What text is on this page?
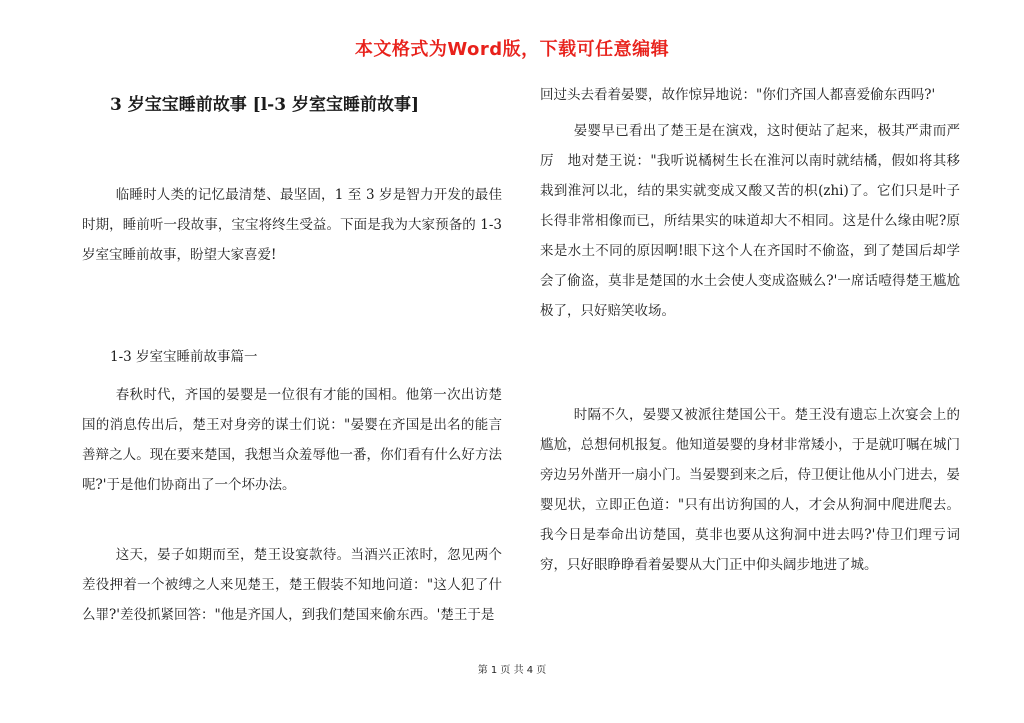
本文格式为Word版，下载可任意编辑
3 岁宝宝睡前故事 [l-3 岁室宝睡前故事]

临睡时人类的记忆最清楚、最坚固，1 至 3 岁是智力开发的最佳时期，睡前听一段故事，宝宝将终生受益。下面是我为大家预备的 1-3 岁室宝睡前故事，盼望大家喜爱!

1-3 岁室宝睡前故事篇一

春秋时代，齐国的晏婴是一位很有才能的国相。他第一次出访楚国的消息传出后，楚王对身旁的谋士们说："晏婴在齐国是出名的能言善辩之人。现在要来楚国，我想当众羞辱他一番，你们看有什么好方法呢?'于是他们协商出了一个坏办法。

这天，晏子如期而至，楚王设宴款待。当酒兴正浓时，忽见两个差役押着一个被缚之人来见楚王，楚王假装不知地问道："这人犯了什么罪?'差役抓紧回答："他是齐国人，到我们楚国来偷东西。'楚王于是

回过头去看着晏婴，故作惊异地说："你们齐国人都喜爱偷东西吗?'

晏婴早已看出了楚王是在演戏，这时便站了起来，极其严肃而严厉　地对楚王说："我听说橘树生长在淮河以南时就结橘，假如将其移栽到淮河以北，结的果实就变成又酸又苦的枳(zhi)了。它们只是叶子长得非常相像而已，所结果实的味道却大不相同。这是什么缘由呢?原来是水土不同的原因啊!眼下这个人在齐国时不偷盗，到了楚国后却学会了偷盗，莫非是楚国的水土会使人变成盗贼么?'一席话噎得楚王尴尬极了，只好赔笑收场。

时隔不久，晏婴又被派往楚国公干。楚王没有遗忘上次宴会上的尴尬，总想伺机报复。他知道晏婴的身材非常矮小，于是就叮嘱在城门旁边另外凿开一扇小门。当晏婴到来之后，侍卫便让他从小门进去，晏婴见状，立即正色道："只有出访狗国的人，才会从狗洞中爬进爬去。我今日是奉命出访楚国，莫非也要从这狗洞中进去吗?'侍卫们理亏词穷，只好眼睁睁看着晏婴从大门正中仰头阔步地进了城。

第 1 页 共 4 页
